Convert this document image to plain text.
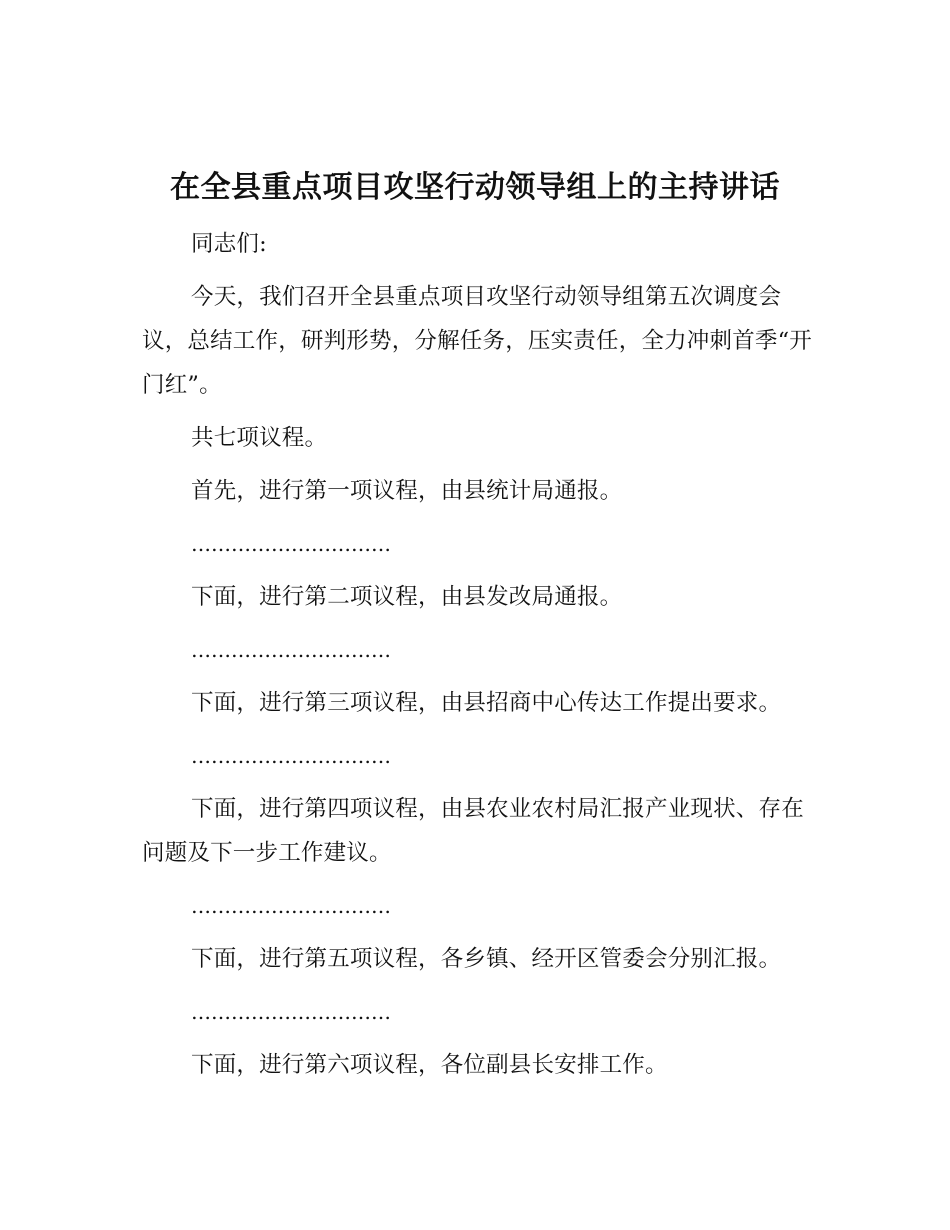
在全县重点项目攻坚行动领导组上的主持讲话

同志们:

今天，我们召开全县重点项目攻坚行动领导组第五次调度会议，总结工作，研判形势，分解任务，压实责任，全力冲刺首季“开门红”。

共七项议程。

首先，进行第一项议程，由县统计局通报。

…………………………

下面，进行第二项议程，由县发改局通报。

…………………………

下面，进行第三项议程，由县招商中心传达工作提出要求。

…………………………

下面，进行第四项议程，由县农业农村局汇报产业现状、存在问题及下一步工作建议。

…………………………

下面，进行第五项议程，各乡镇、经开区管委会分别汇报。

…………………………

下面，进行第六项议程，各位副县长安排工作。
